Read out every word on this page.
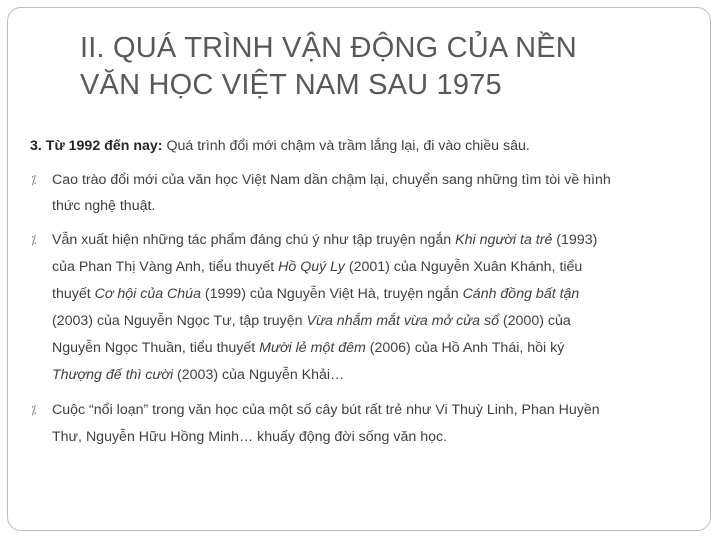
II. QUÁ TRÌNH VẬN ĐỘNG CỦA NỀN
VĂN HỌC VIỆT NAM SAU 1975
3. Từ 1992 đến nay: Quá trình đổi mới chậm và trầm lắng lại, đi vào chiều sâu.
⁒ Cao trào đổi mới của văn học Việt Nam dần chậm lại, chuyển sang những tìm tòi về hình
thức nghệ thuật.
⁒ Vẫn xuất hiện những tác phẩm đáng chú ý như tập truyện ngắn Khi người ta trẻ (1993)
của Phan Thị Vàng Anh, tiểu thuyết Hồ Quý Ly (2001) của Nguyễn Xuân Khánh, tiểu
thuyết Cơ hội của Chúa (1999) của Nguyễn Việt Hà, truyện ngắn Cánh đồng bất tận
(2003) của Nguyễn Ngọc Tư, tập truyện Vừa nhắm mắt vừa mở cửa sổ (2000) của
Nguyễn Ngọc Thuần, tiểu thuyết Mười lẻ một đêm (2006) của Hồ Anh Thái, hồi ký
Thượng đế thì cười (2003) của Nguyễn Khải…
⁒ Cuộc “nổi loạn” trong văn học của một số cây bút rất trẻ như Vi Thuỳ Linh, Phan Huyền
Thư, Nguyễn Hữu Hồng Minh… khuấy động đời sống văn học.
